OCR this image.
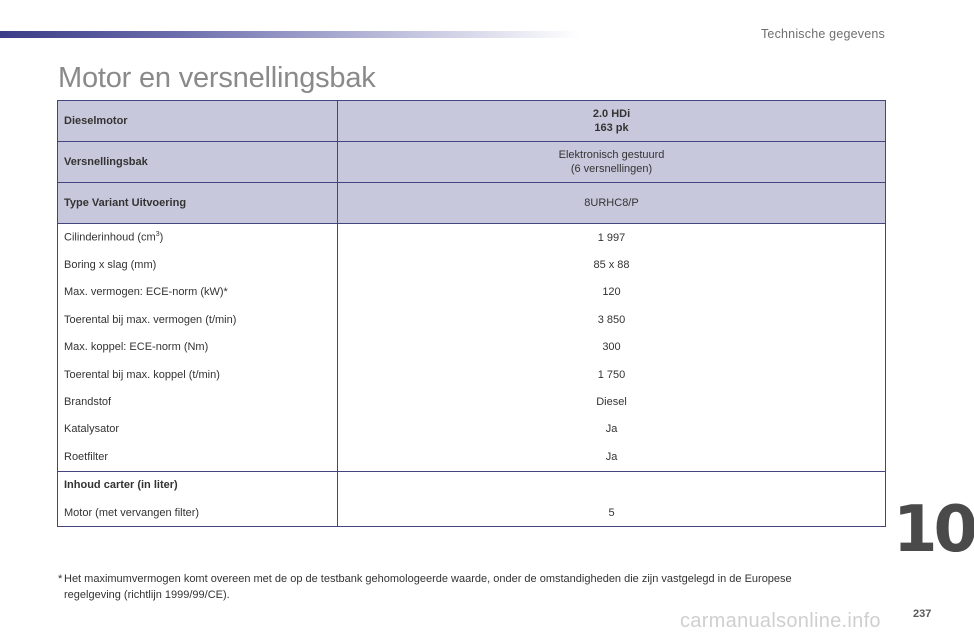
Technische gegevens
Motor en versnellingsbak
Dieselmotor	2.0 HDi
163 pk

Versnellingsbak	Elektronisch gestuurd
(6 versnellingen)

Type Variant Uitvoering	8URHC8/P
Cilinderinhoud $(cm^3)$	1 997
Boring x slag (mm)	85 x 88
Max. vermogen: ECE-norm (kW)*	120
Toerental bij max. vermogen (t/min)	3 850
Max. koppel: ECE-norm (Nm)	300
Toerental bij max. koppel (t/min)	1 750
Brandstof	Diesel
Katalysator	Ja
Roetfilter	Ja
Inhoud carter (in liter)	
Motor (met vervangen filter)	5
* Het maximumvermogen komt overeen met de op de testbank gehomologeerde waarde, onder de omstandigheden die zijn vastgelegd in de Europese
regelgeving (richtlijn 1999/99/CE).
10
carmanualsonline.info	237
